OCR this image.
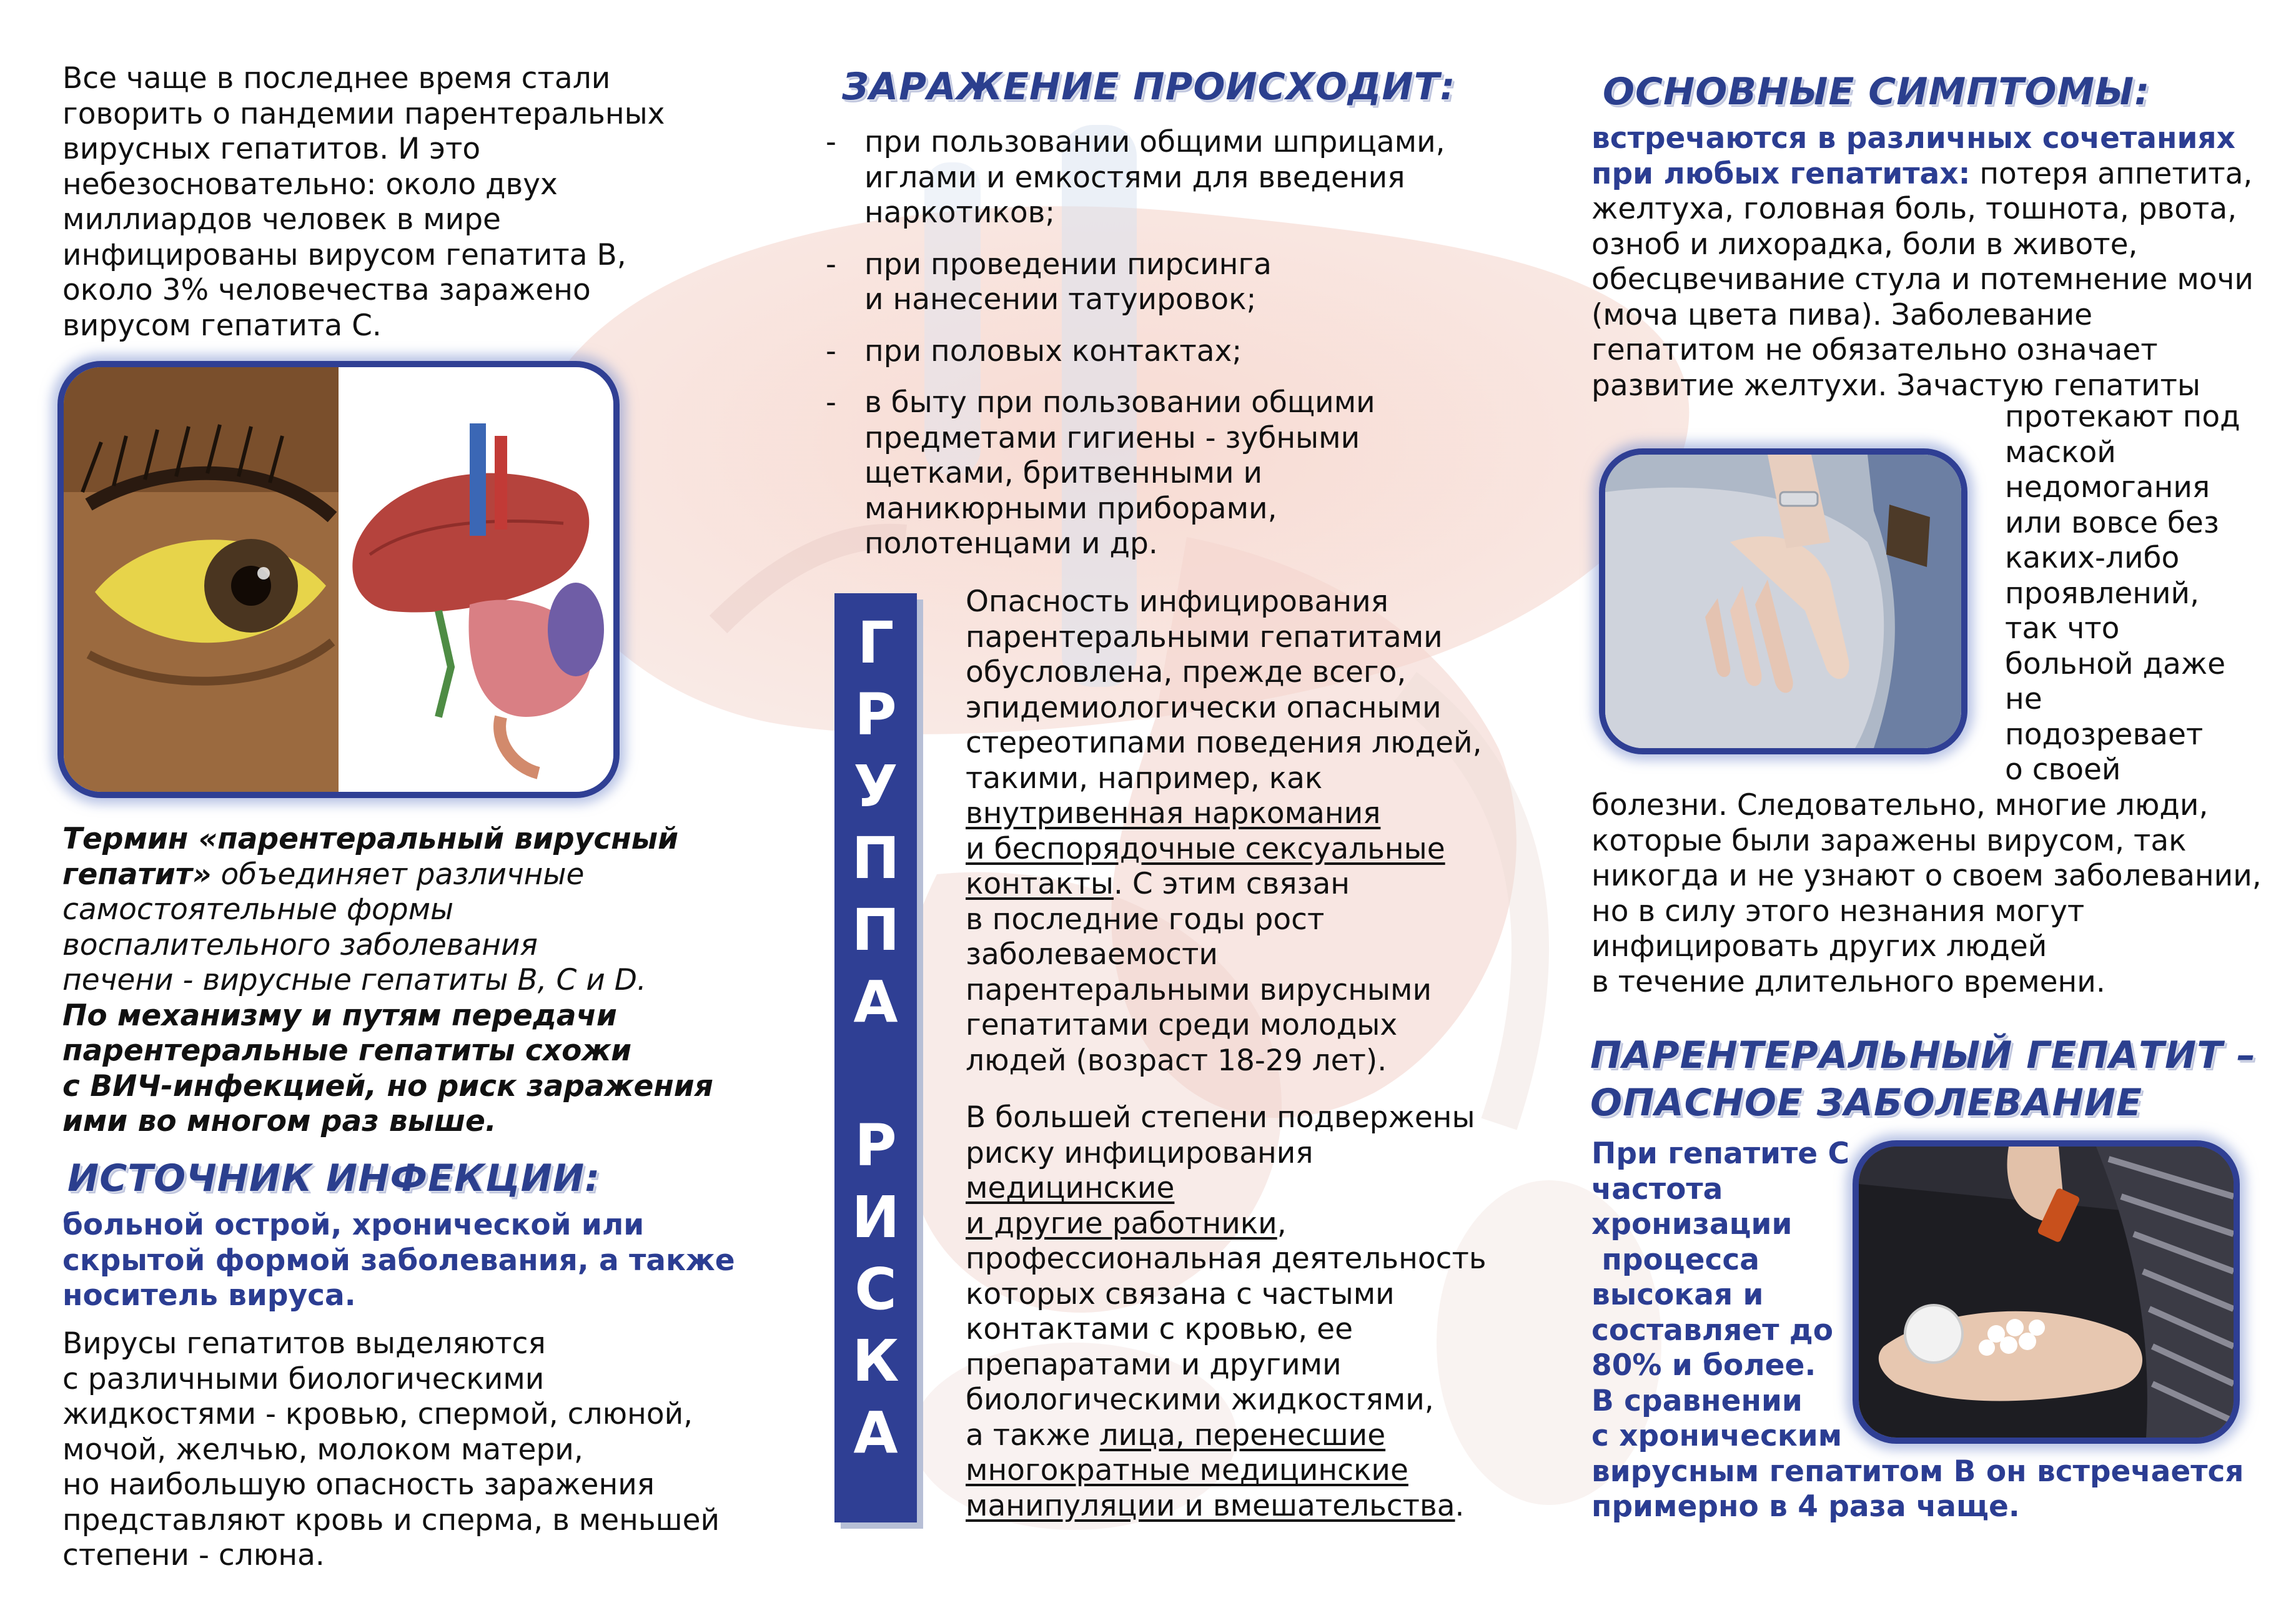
Все чаще в последнее время стали
говорить о пандемии парентеральных
вирусных гепатитов. И это
небезосновательно: около двух
миллиардов человек в мире
инфицированы вирусом гепатита В,
около 3% человечества заражено
вирусом гепатита С.
Термин «парентеральный вирусный
гепатит» объединяет различные
самостоятельные формы
воспалительного заболевания
печени - вирусные гепатиты В, С и D.
По механизму и путям передачи
парентеральные гепатиты схожи
с ВИЧ-инфекцией, но риск заражения
ими во многом раз выше.
ИСТОЧНИК ИНФЕКЦИИ:
больной острой, хронической или
скрытой формой заболевания, а также
носитель вируса.
Вирусы гепатитов выделяются
с различными биологическими
жидкостями - кровью, спермой, слюной,
мочой, желчью, молоком матери,
но наибольшую опасность заражения
представляют кровь и сперма, в меньшей
степени - слюна.
ЗАРАЖЕНИЕ ПРОИСХОДИТ:
- при пользовании общими шприцами,
иглами и емкостями для введения
наркотиков;
- при проведении пирсинга
и нанесении татуировок;
- при половых контактах;
- в быту при пользовании общими
предметами гигиены - зубными
щетками, бритвенными и
маникюрными приборами,
полотенцами и др.
Г
Р
У
П
П
А
Р
И
С
К
А
Опасность инфицирования
парентеральными гепатитами
обусловлена, прежде всего,
эпидемиологически опасными
стереотипами поведения людей,
такими, например, как
внутривенная наркомания
и беспорядочные сексуальные
контакты. С этим связан
в последние годы рост
заболеваемости
парентеральными вирусными
гепатитами среди молодых
людей (возраст 18-29 лет).
В большей степени подвержены
риску инфицирования
медицинские
и другие работники,
профессиональная деятельность
которых связана с частыми
контактами с кровью, ее
препаратами и другими
биологическими жидкостями,
а также лица, перенесшие
многократные медицинские
манипуляции и вмешательства.
ОСНОВНЫЕ СИМПТОМЫ:
встречаются в различных сочетаниях
при любых гепатитах: потеря аппетита,
желтуха, головная боль, тошнота, рвота,
озноб и лихорадка, боли в животе,
обесцвечивание стула и потемнение мочи
(моча цвета пива). Заболевание
гепатитом не обязательно означает
развитие желтухи. Зачастую гепатиты
протекают под
маской
недомогания
или вовсе без
каких-либо
проявлений,
так что
больной даже
не
подозревает
о своей
болезни. Следовательно, многие люди,
которые были заражены вирусом, так
никогда и не узнают о своем заболевании,
но в силу этого незнания могут
инфицировать других людей
в течение длительного времени.
ПАРЕНТЕРАЛЬНЫЙ ГЕПАТИТ –
ОПАСНОЕ ЗАБОЛЕВАНИЕ
При гепатите С
частота
хронизации
процесса
высокая и
составляет до
80% и более.
В сравнении
с хроническим
вирусным гепатитом В он встречается
примерно в 4 раза чаще.
